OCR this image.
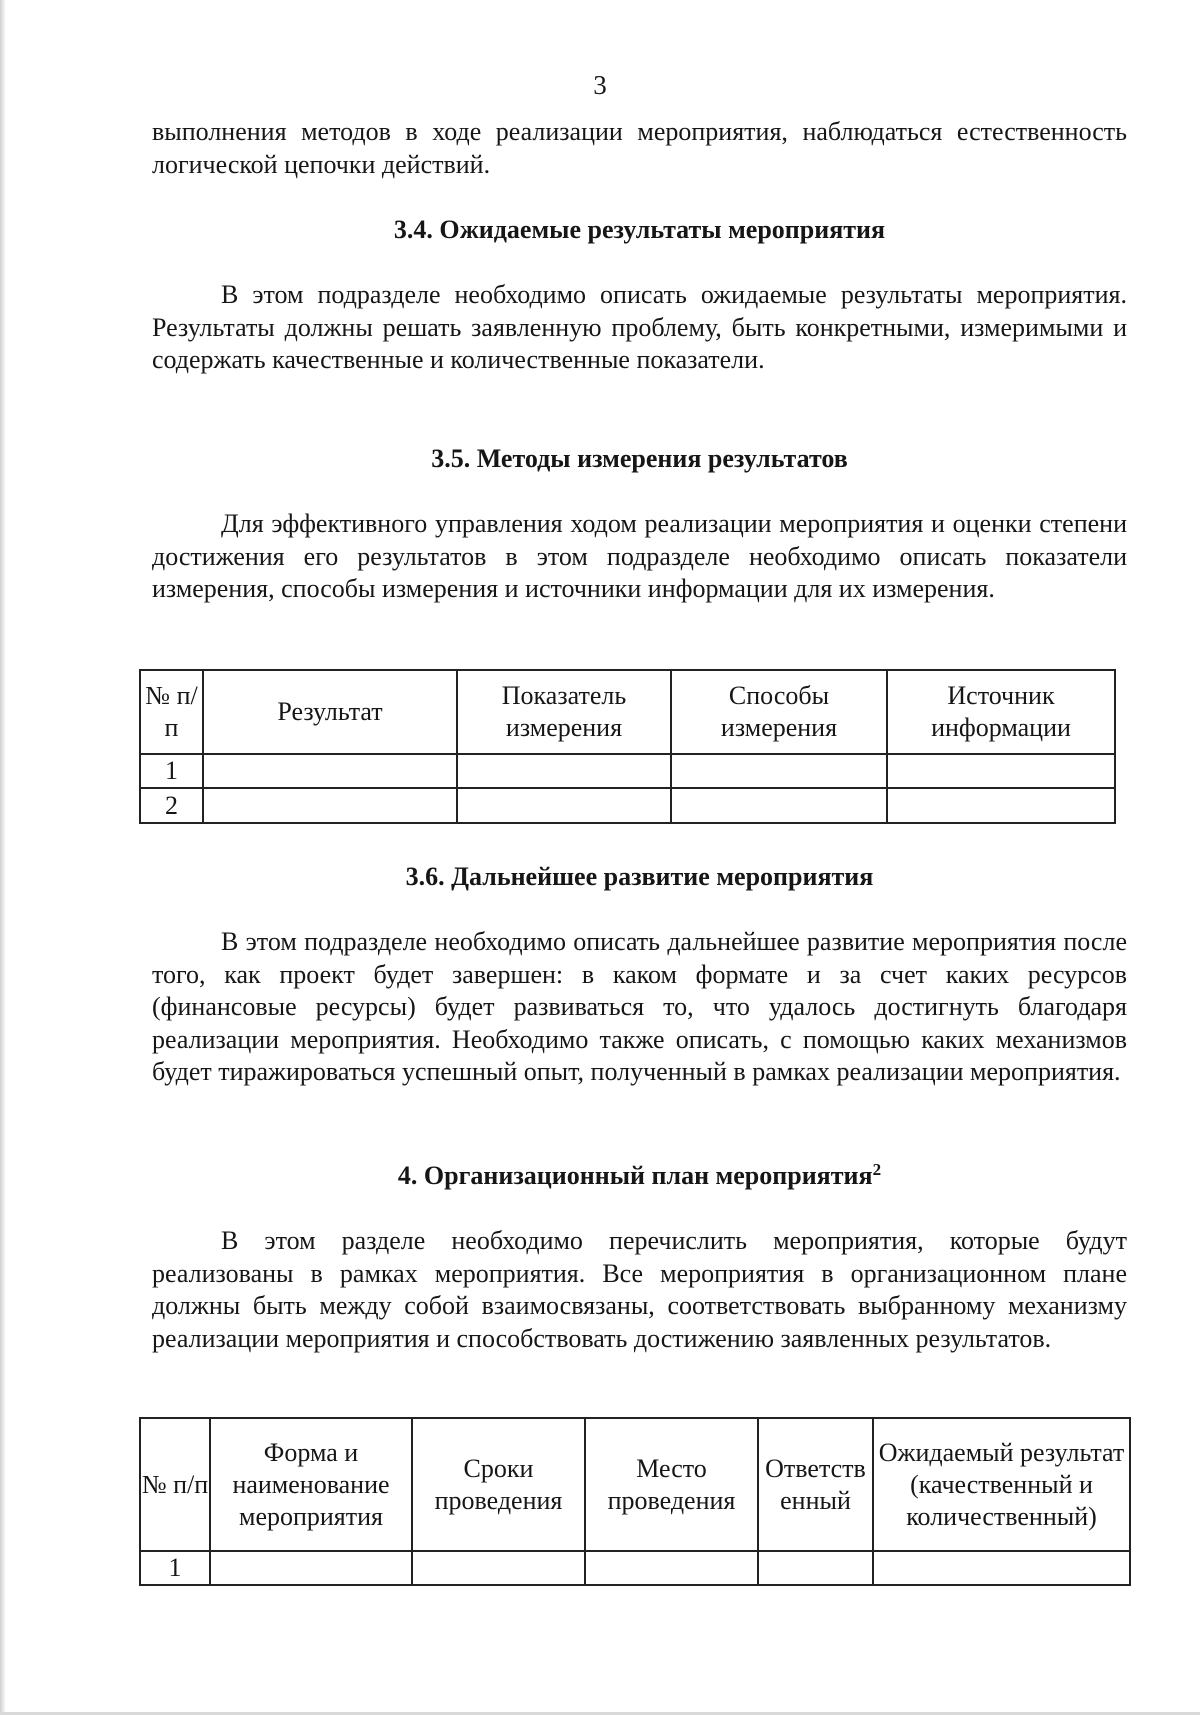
3

выполнения методов в ходе реализации мероприятия, наблюдаться естественность логической цепочки действий.

3.4. Ожидаемые результаты мероприятия

В этом подразделе необходимо описать ожидаемые результаты мероприятия. Результаты должны решать заявленную проблему, быть конкретными, измеримыми и содержать качественные и количественные показатели.

3.5. Методы измерения результатов

Для эффективного управления ходом реализации мероприятия и оценки степени достижения его результатов в этом подразделе необходимо описать показатели измерения, способы измерения и источники информации для их измерения.

№ п/п	Результат	Показатель измерения	Способы измерения	Источник информации
1				
2				
3.6. Дальнейшее развитие мероприятия

В этом подразделе необходимо описать дальнейшее развитие мероприятия после того, как проект будет завершен: в каком формате и за счет каких ресурсов (финансовые ресурсы) будет развиваться то, что удалось достигнуть благодаря реализации мероприятия. Необходимо также описать, с помощью каких механизмов будет тиражироваться успешный опыт, полученный в рамках реализации мероприятия.

4. Организационный план мероприятия$^2$

В этом разделе необходимо перечислить мероприятия, которые будут реализованы в рамках мероприятия. Все мероприятия в организационном плане должны быть между собой взаимосвязаны, соответствовать выбранному механизму реализации мероприятия и способствовать достижению заявленных результатов.

№ п/п	Форма и наименование мероприятия	Сроки проведения	Место проведения	Ответственный	Ожидаемый результат (качественный и количественный)
1					
